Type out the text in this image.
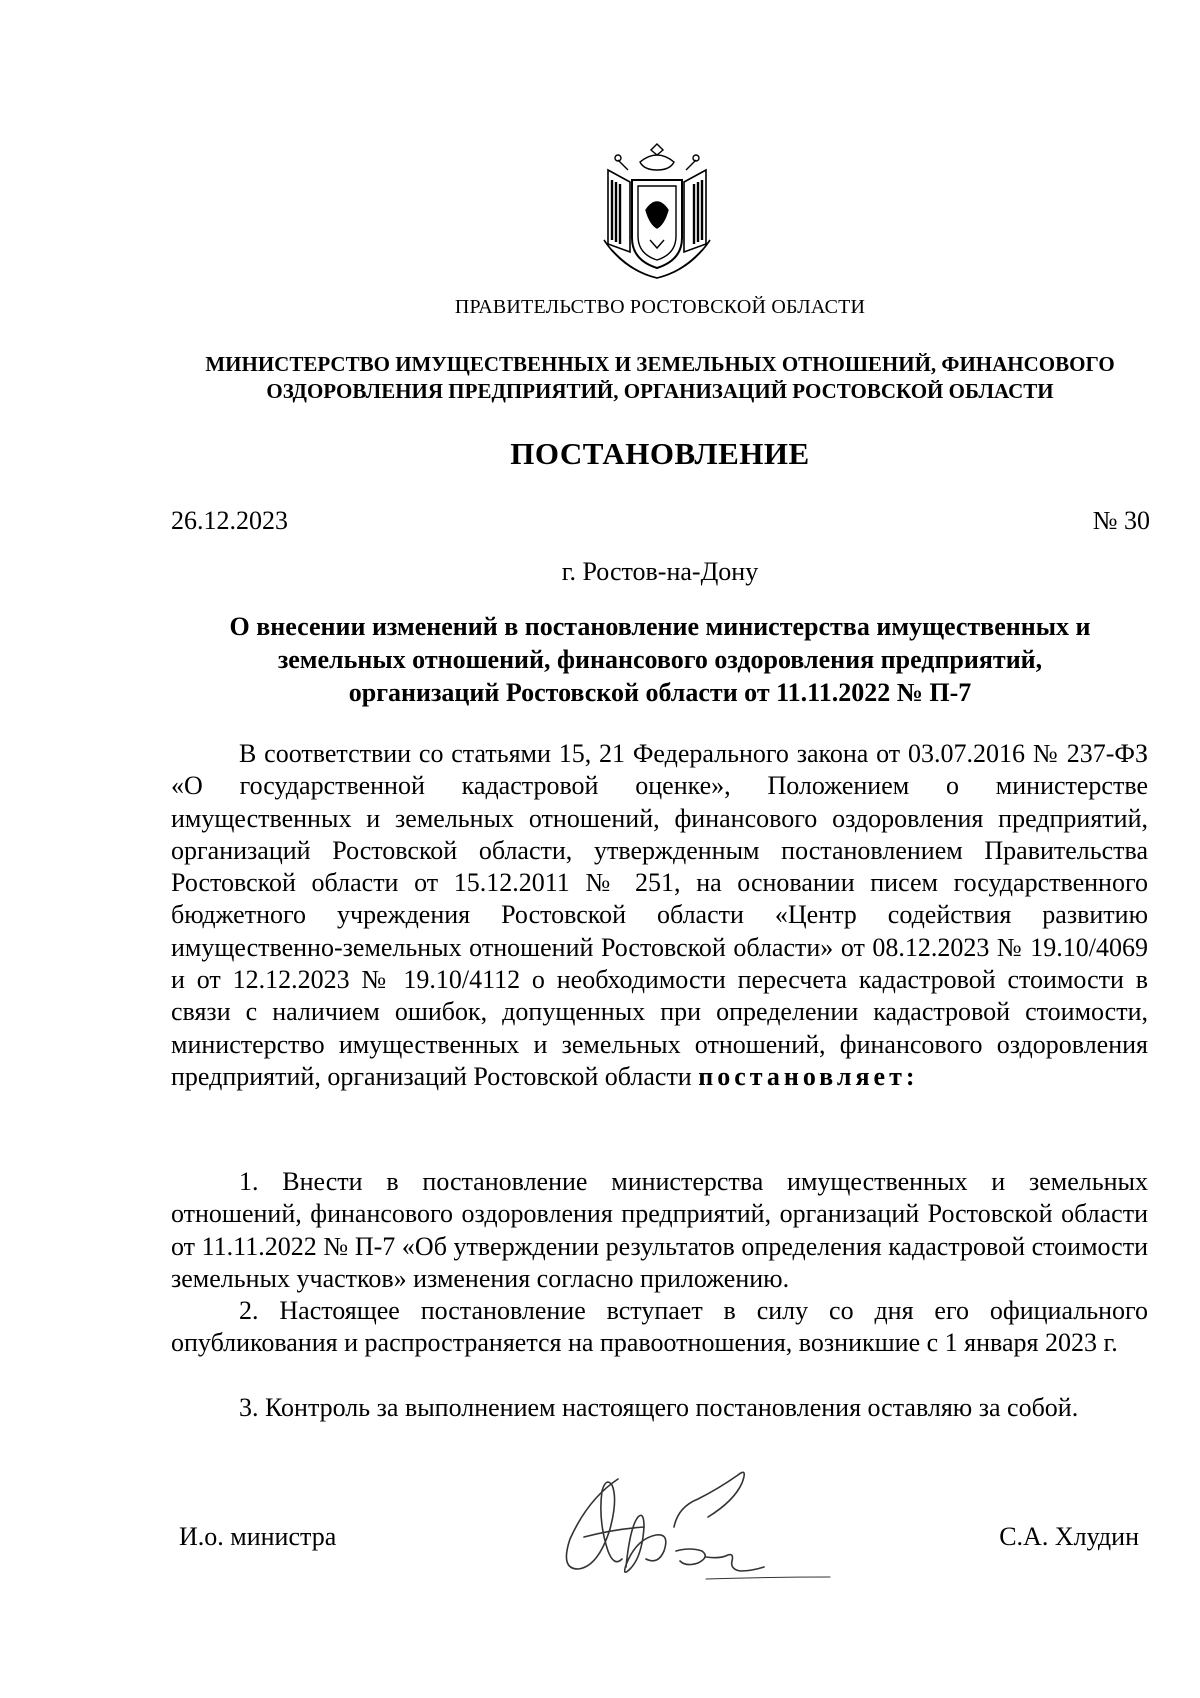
ПРАВИТЕЛЬСТВО РОСТОВСКОЙ ОБЛАСТИ
МИНИСТЕРСТВО ИМУЩЕСТВЕННЫХ И ЗЕМЕЛЬНЫХ ОТНОШЕНИЙ, ФИНАНСОВОГО
ОЗДОРОВЛЕНИЯ ПРЕДПРИЯТИЙ, ОРГАНИЗАЦИЙ РОСТОВСКОЙ ОБЛАСТИ
ПОСТАНОВЛЕНИЕ
26.12.2023	№ 30
г. Ростов-на-Дону
О внесении изменений в постановление министерства имущественных и
земельных отношений, финансового оздоровления предприятий,
организаций Ростовской области от 11.11.2022 № П-7

В соответствии со статьями 15, 21 Федерального закона от 03.07.2016 № 237-ФЗ «О государственной кадастровой оценке», Положением о министерстве имущественных и земельных отношений, финансового оздоровления предприятий, организаций Ростовской области, утвержденным постановлением Правительства Ростовской области от 15.12.2011 № 251, на основании писем государственного бюджетного учреждения Ростовской области «Центр содействия развитию имущественно-земельных отношений Ростовской области» от 08.12.2023 № 19.10/4069 и от 12.12.2023 № 19.10/4112 о необходимости пересчета кадастровой стоимости в связи с наличием ошибок, допущенных при определении кадастровой стоимости, министерство имущественных и земельных отношений, финансового оздоровления предприятий, организаций Ростовской области постановляет:

1. Внести в постановление министерства имущественных и земельных отношений, финансового оздоровления предприятий, организаций Ростовской области от 11.11.2022 № П-7 «Об утверждении результатов определения кадастровой стоимости земельных участков» изменения согласно приложению.

2. Настоящее постановление вступает в силу со дня его официального опубликования и распространяется на правоотношения, возникшие с 1 января 2023 г.

3. Контроль за выполнением настоящего постановления оставляю за собой.

И.о. министра	С.А. Хлудин
